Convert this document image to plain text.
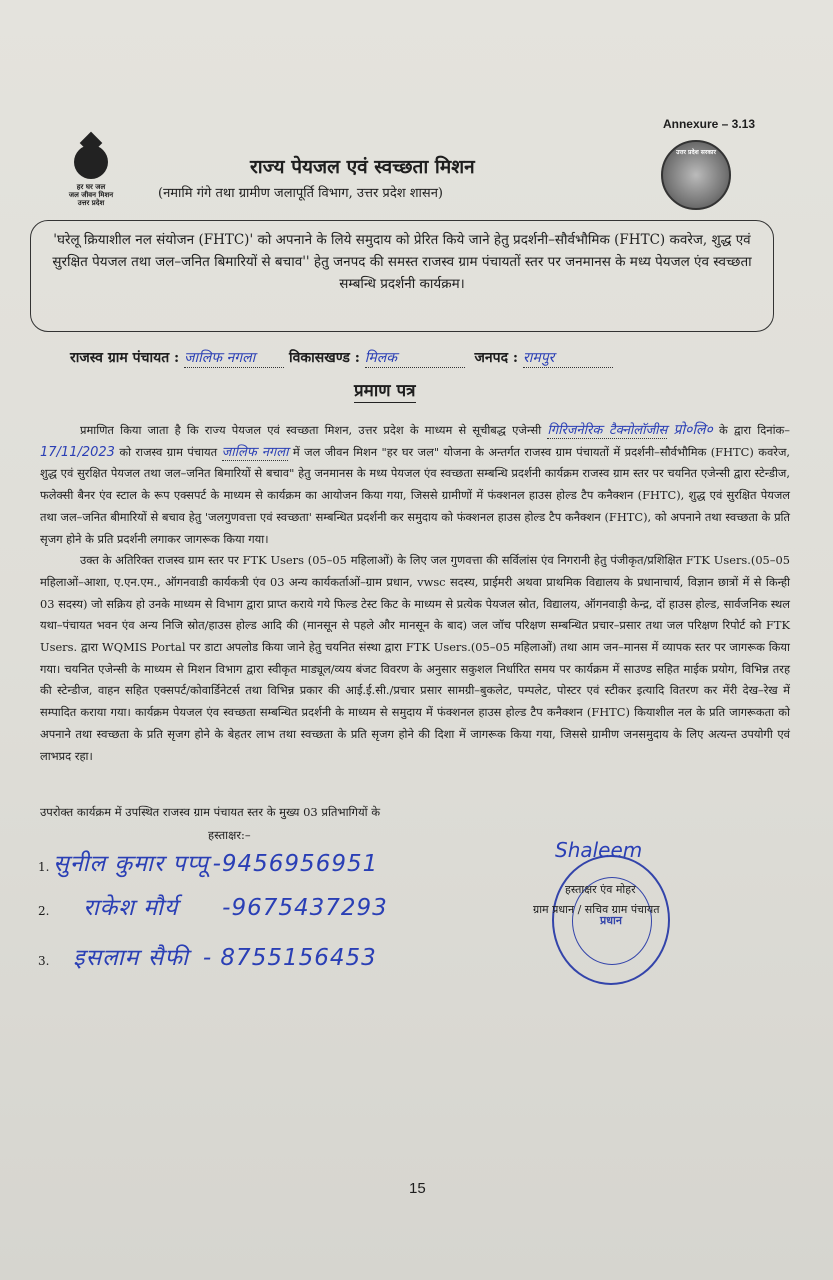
Annexure – 3.13
हर घर जल
जल जीवन मिशन
उत्तर प्रदेश
उत्तर प्रदेश सरकार
राज्य पेयजल एवं स्वच्छता मिशन
(नमामि गंगे तथा ग्रामीण जलापूर्ति विभाग, उत्तर प्रदेश शासन)
'घरेलू क्रियाशील नल संयोजन (FHTC)' को अपनाने के लिये समुदाय को प्रेरित किये जाने हेतु प्रदर्शनी–सौर्वभौमिक (FHTC) कवरेज, शुद्ध एवं सुरक्षित पेयजल तथा जल–जनित बिमारियों से बचाव'' हेतु जनपद की समस्त राजस्व ग्राम पंचायतों स्तर पर जनमानस के मध्य पेयजल एंव स्वच्छता सम्बन्धि प्रदर्शनी कार्यक्रम।
राजस्व ग्राम पंचायत : जालिफ नगला विकासखण्ड : मिलक	जनपद : रामपुर
प्रमाण पत्र

प्रमाणित किया जाता है कि राज्य पेयजल एवं स्वच्छता मिशन, उत्तर प्रदेश के माध्यम से सूचीबद्ध एजेन्सी गिरिजनेरिक टैक्नोलॉजीस प्रो०लि० के द्वारा दिनांक–17/11/2023 को राजस्व ग्राम पंचायत जालिफ नगला में जल जीवन मिशन "हर घर जल" योजना के अन्तर्गत राजस्व ग्राम पंचायतों में प्रदर्शनी–सौर्वभौमिक (FHTC) कवरेज, शुद्ध एवं सुरक्षित पेयजल तथा जल–जनित बिमारियों से बचाव" हेतु जनमानस के मध्य पेयजल एंव स्वच्छता सम्बन्धि प्रदर्शनी कार्यक्रम राजस्व ग्राम स्तर पर चयनित एजेन्सी द्वारा स्टेन्डीज, फलेक्सी बैनर एंव स्टाल के रूप एक्सपर्ट के माध्यम से कार्यक्रम का आयोजन किया गया, जिससे ग्रामीणों में फंक्शनल हाउस होल्ड टैप कनैक्शन (FHTC), शुद्ध एवं सुरक्षित पेयजल तथा जल–जनित बीमारियों से बचाव हेतु 'जलगुणवत्ता एवं स्वच्छता' सम्बन्धित प्रदर्शनी कर समुदाय को फंक्शनल हाउस होल्ड टैप कनैक्शन (FHTC), को अपनाने तथा स्वच्छता के प्रति सृजग होने के प्रति प्रदर्शनी लगाकर जागरूक किया गया।

उक्त के अतिरिक्त राजस्व ग्राम स्तर पर FTK Users (05–05 महिलाओं) के लिए जल गुणवत्ता की सर्विलांस एंव निगरानी हेतु पंजीकृत/प्रशिक्षित FTK Users.(05–05 महिलाओं–आशा, ए.एन.एम., ऑगनवाडी कार्यकत्री एंव 03 अन्य कार्यकर्ताओं–ग्राम प्रधान, vwsc सदस्य, प्राईमरी अथवा प्राथमिक विद्यालय के प्रधानाचार्य, विज्ञान छात्रों में से किन्ही 03 सदस्य) जो सक्रिय हो उनके माध्यम से विभाग द्वारा प्राप्त कराये गये फिल्ड टेस्ट किट के माध्यम से प्रत्येक पेयजल स्रोत, विद्यालय, ऑगनवाड़ी केन्द्र, दों हाउस होल्ड, सार्वजनिक स्थल यथा–पंचायत भवन एंव अन्य निजि स्रोत/हाउस होल्ड आदि की (मानसून से पहले और मानसून के बाद) जल जॉच परिक्षण सम्बन्धित प्रचार–प्रसार तथा जल परिक्षण रिपोर्ट को FTK Users. द्वारा WQMIS Portal पर डाटा अपलोड किया जाने हेतु चयनित संस्था द्वारा FTK Users.(05–05 महिलाओं) तथा आम जन–मानस में व्यापक स्तर पर जागरूक किया गया। चयनित एजेन्सी के माध्यम से मिशन विभाग द्वारा स्वीकृत माड्यूल/व्यय बंजट विवरण के अनुसार सकुशल निर्धारित समय पर कार्यक्रम में साउण्ड सहित माईक प्रयोग, विभिन्न तरह की स्टेन्डीज, वाहन सहित एक्सपर्ट/कोवार्डिनेटर्स तथा विभिन्न प्रकार की आई.ई.सी./प्रचार प्रसार सामग्री–बुकलेट, पम्पलेट, पोस्टर एवं स्टीकर इत्यादि वितरण कर मेंरी देख–रेख में सम्पादित कराया गया। कार्यक्रम पेयजल एंव स्वच्छता सम्बन्धित प्रदर्शनी के माध्यम से समुदाय में फंक्शनल हाउस होल्ड टैप कनैक्शन (FHTC) कियाशील नल के प्रति जागरूकता को अपनाने तथा स्वच्छता के प्रति सृजग होने के बेहतर लाभ तथा स्वच्छता के प्रति सृजग होने की दिशा में जागरूक किया गया, जिससे ग्रामीण जनसमुदाय के लिए अत्यन्त उपयोगी एवं लाभप्रद रहा।

उपरोक्त कार्यक्रम में उपस्थित राजस्व ग्राम पंचायत स्तर के मुख्य 03 प्रतिभागियों के
हस्ताक्षर:–
1. सुनील कुमार पप्पू -9456956951
2. राकेश मौर्य -9675437293
3. इसलाम सैफी - 8755156453
प्रधान
Shaleem
हस्ताक्षर एंव मोहर
ग्राम प्रधान / सचिव ग्राम पंचायत
15
